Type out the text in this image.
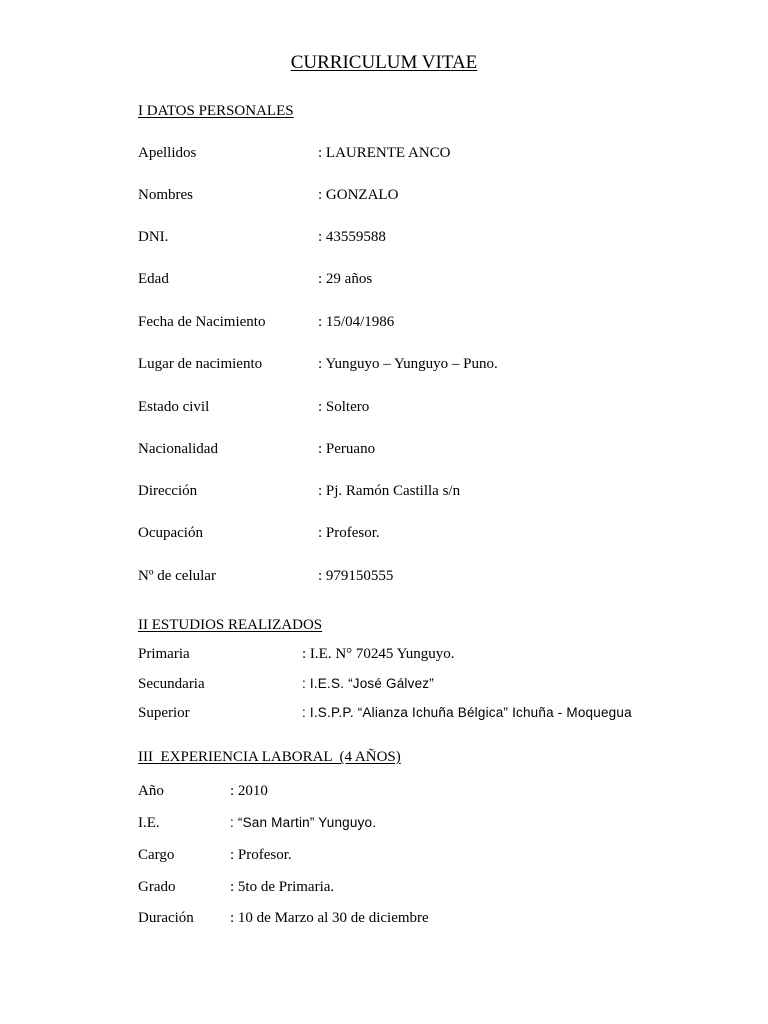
CURRICULUM VITAE
I DATOS PERSONALES
Apellidos	: LAURENTE ANCO
Nombres	: GONZALO
DNI.	: 43559588
Edad	: 29 años
Fecha de Nacimiento	: 15/04/1986
Lugar de nacimiento	: Yunguyo – Yunguyo – Puno.
Estado civil	: Soltero
Nacionalidad	: Peruano
Dirección	: Pj. Ramón Castilla s/n
Ocupación	: Profesor.
Nº de celular	: 979150555
II ESTUDIOS REALIZADOS
Primaria	: I.E. N° 70245 Yunguyo.
Secundaria	: I.E.S. “José Gálvez”
Superior	: I.S.P.P. “Alianza Ichuña Bélgica” Ichuña - Moquegua
III  EXPERIENCIA LABORAL  (4 AÑOS)
Año	: 2010
I.E.	: “San Martin” Yunguyo.
Cargo	: Profesor.
Grado	: 5to de Primaria.
Duración : 10 de Marzo al 30 de diciembre
